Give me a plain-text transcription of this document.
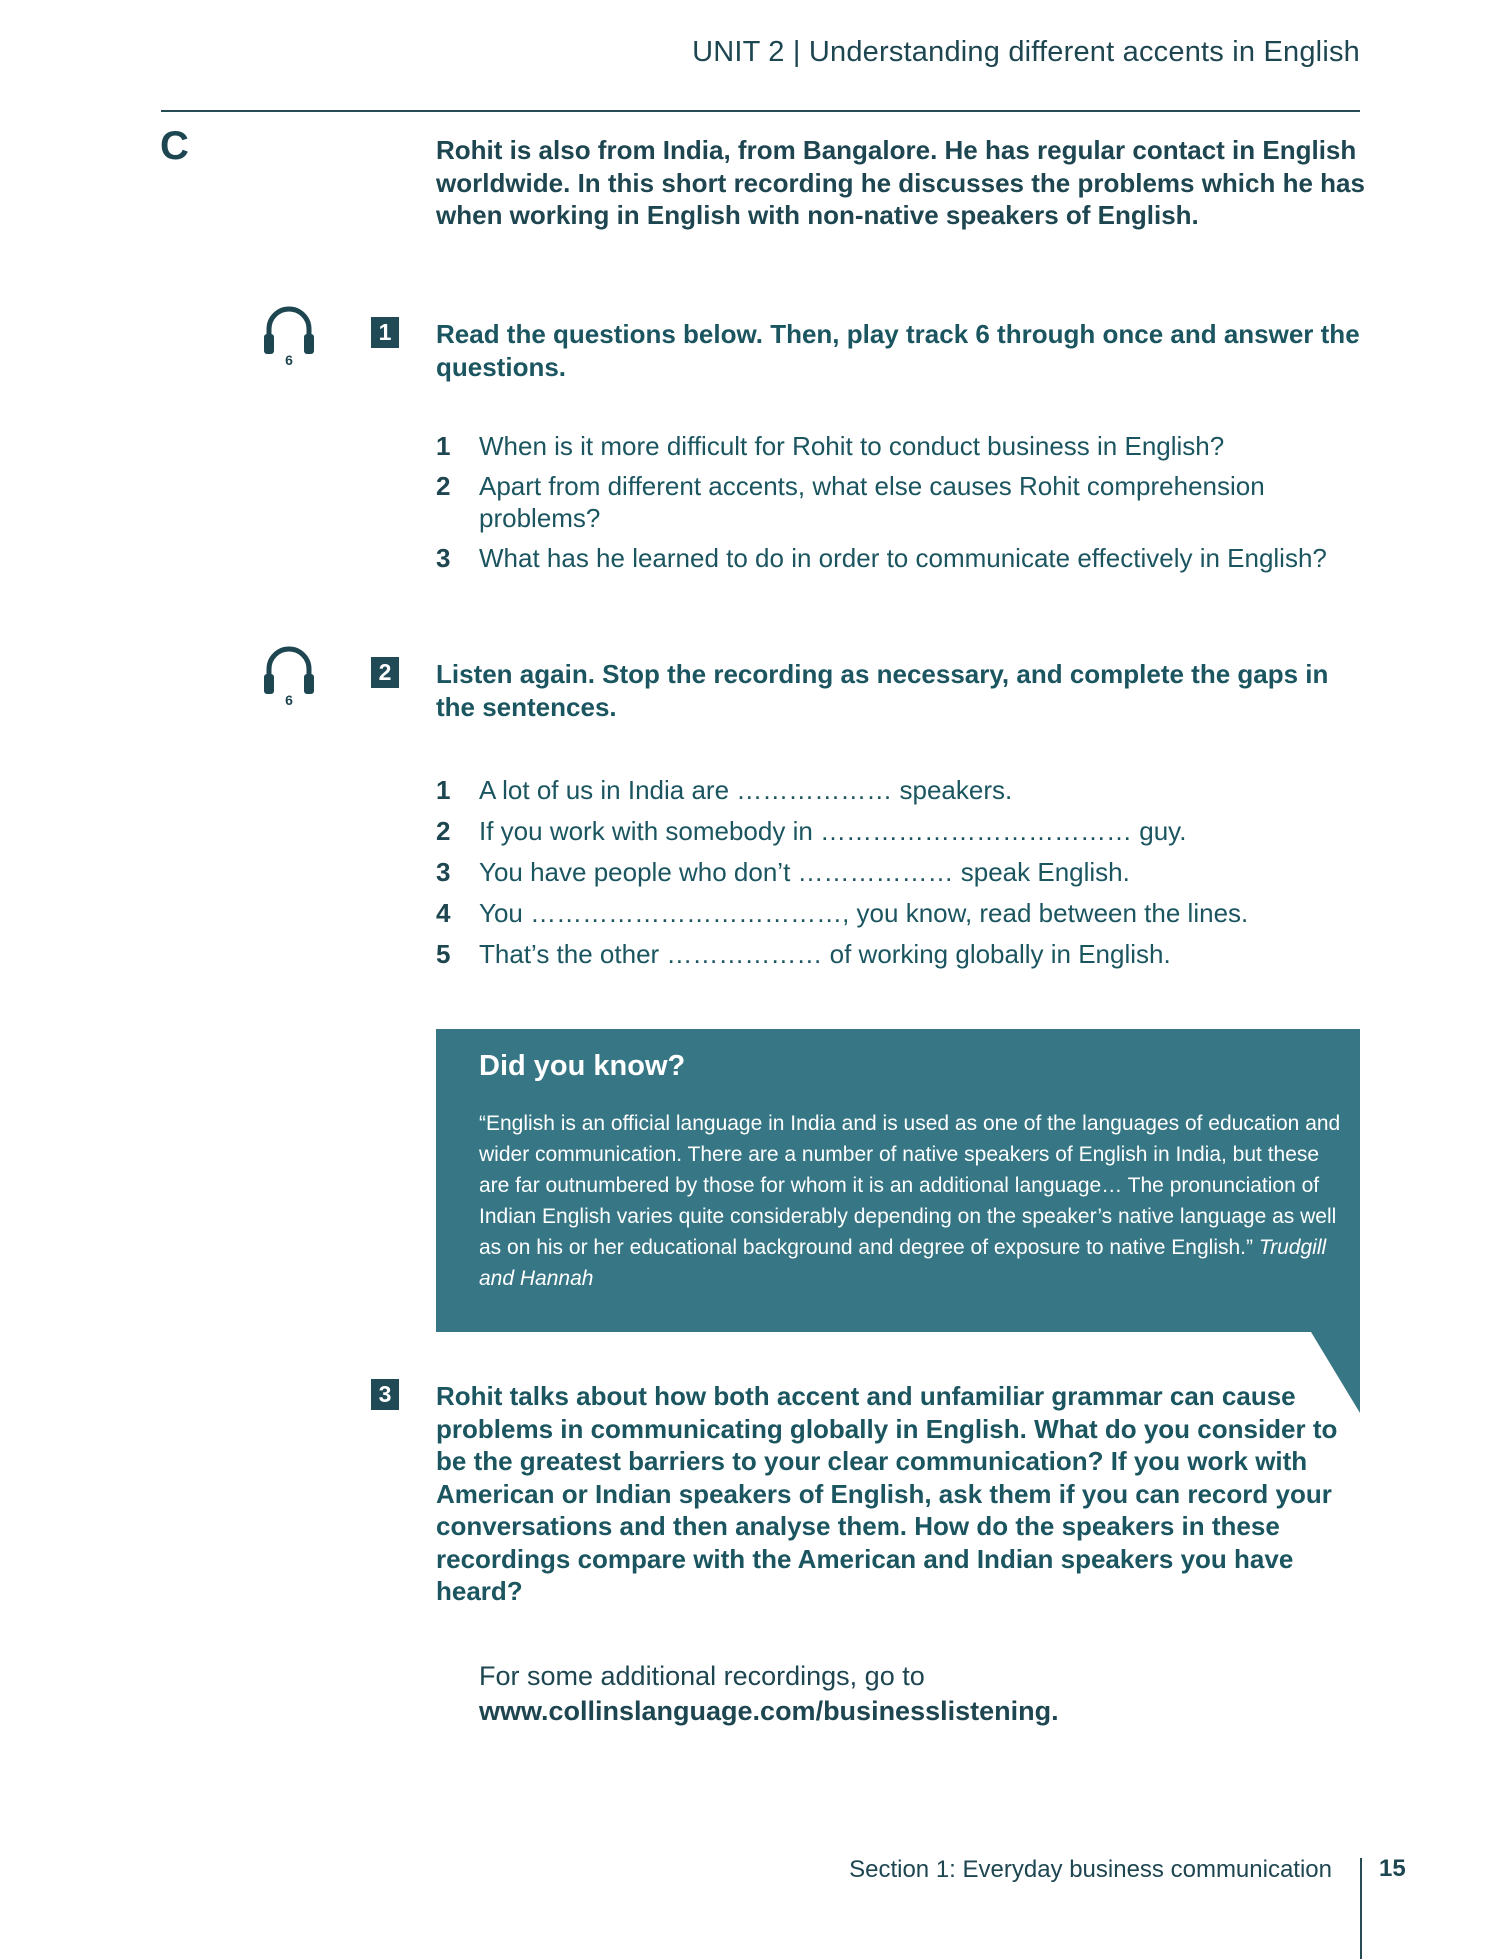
UNIT 2 | Understanding different accents in English
C	Rohit is also from India, from Bangalore. He has regular contact in English worldwide. In this short recording he discusses the problems which he has when working in English with non-native speakers of English.
6
1 Read the questions below. Then, play track 6 through once and answer the questions.
1 When is it more difficult for Rohit to conduct business in English?
2 Apart from different accents, what else causes Rohit comprehension problems?
3 What has he learned to do in order to communicate effectively in English?
6
2 Listen again. Stop the recording as necessary, and complete the gaps in the sentences.
1 A lot of us in India are ……………… speakers.
2 If you work with somebody in ……………………………… guy.
3 You have people who don’t ……………… speak English.
4 You ………………………………, you know, read between the lines.
5 That’s the other ……………… of working globally in English.
Did you know?
“English is an official language in India and is used as one of the languages of education and wider communication. There are a number of native speakers of English in India, but these are far outnumbered by those for whom it is an additional language… The pronunciation of Indian English varies quite considerably depending on the speaker’s native language as well as on his or her educational background and degree of exposure to native English.” Trudgill and Hannah
3 Rohit talks about how both accent and unfamiliar grammar can cause problems in communicating globally in English. What do you consider to be the greatest barriers to your clear communication? If you work with American or Indian speakers of English, ask them if you can record your conversations and then analyse them. How do the speakers in these recordings compare with the American and Indian speakers you have heard?
For some additional recordings, go to
www.collinslanguage.com/businesslistening.
Section 1: Everyday business communication 15
